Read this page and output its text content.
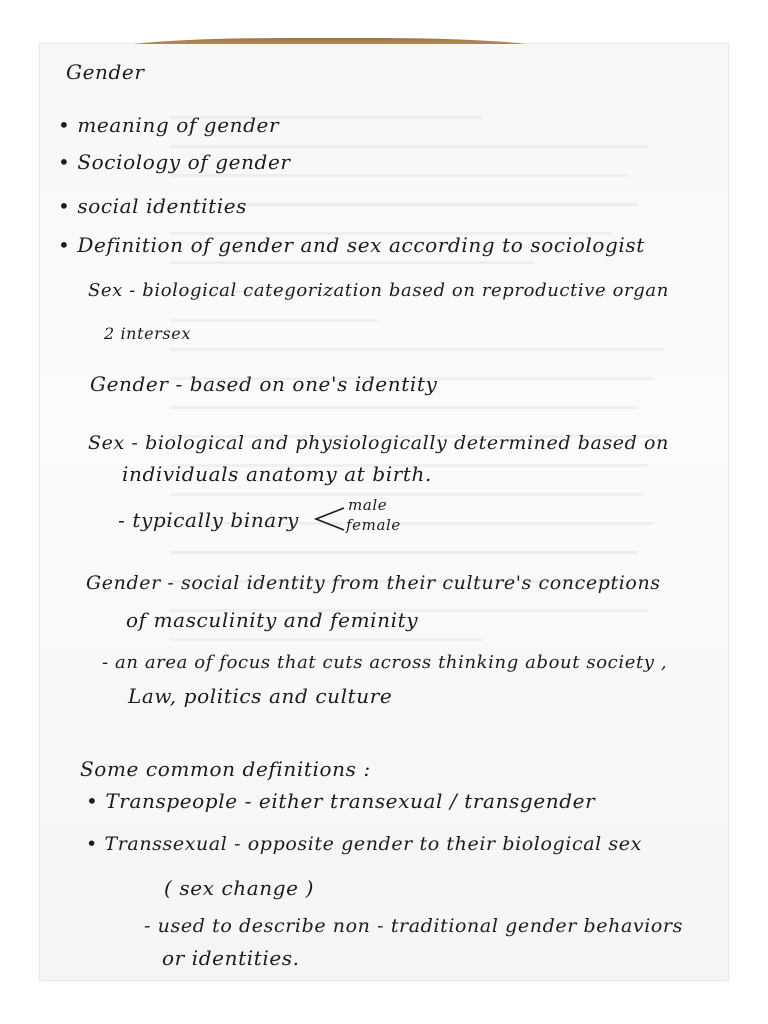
Gender
• meaning of gender
• Sociology of gender
• social identities
• Definition of gender and sex according to sociologist
Sex - biological categorization based on reproductive organ
2 intersex
Gender - based on one's identity
Sex - biological and physiologically determined based on
individuals anatomy at birth.
- typically binary
male
female
Gender - social identity from their culture's conceptions
of masculinity and feminity
- an area of focus that cuts across thinking about society ,
Law, politics and culture
Some common definitions :
• Transpeople - either transexual / transgender
• Transsexual - opposite gender to their biological sex
( sex change )
- used to describe non - traditional gender behaviors
or identities.
